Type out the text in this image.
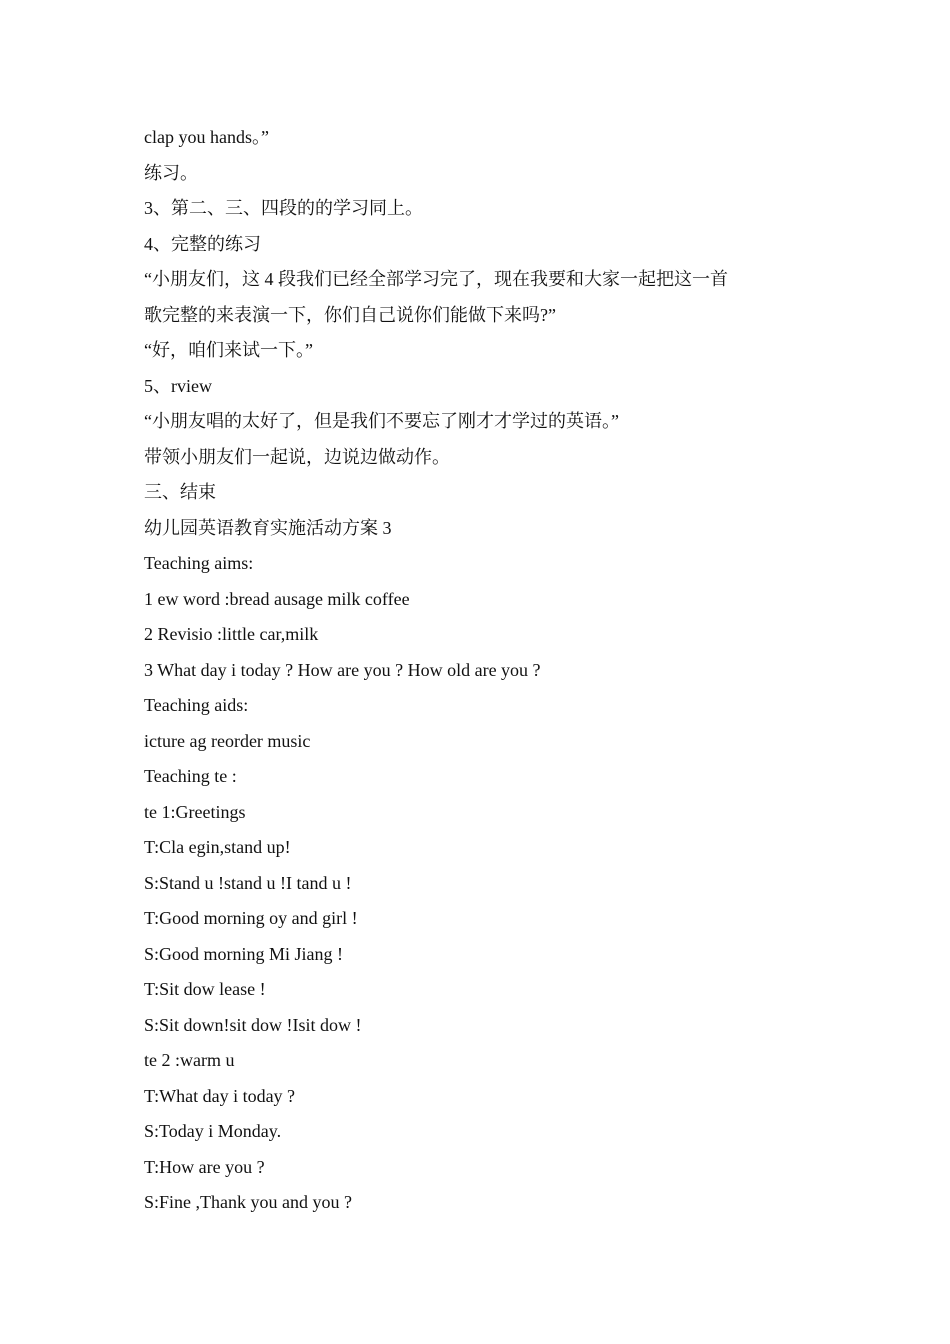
clap you hands。”
练习。
3、第二、三、四段的的学习同上。
4、完整的练习
“小朋友们，这 4 段我们已经全部学习完了，现在我要和大家一起把这一首
歌完整的来表演一下，你们自己说你们能做下来吗?”
“好，咱们来试一下。”
5、rview
“小朋友唱的太好了，但是我们不要忘了刚才才学过的英语。”
带领小朋友们一起说，边说边做动作。
三、结束
幼儿园英语教育实施活动方案 3
Teaching aims:
1 ew word :bread ausage milk coffee
2 Revisio :little car,milk
3 What day i today ? How are you ? How old are you ?
Teaching aids:
icture ag reorder music
Teaching te :
te 1:Greetings
T:Cla egin,stand up!
S:Stand u !stand u !I tand u !
T:Good morning oy and girl !
S:Good morning Mi Jiang !
T:Sit dow lease !
S:Sit down!sit dow !Isit dow !
te 2 :warm u
T:What day i today ?
S:Today i Monday.
T:How are you ?
S:Fine ,Thank you and you ?
